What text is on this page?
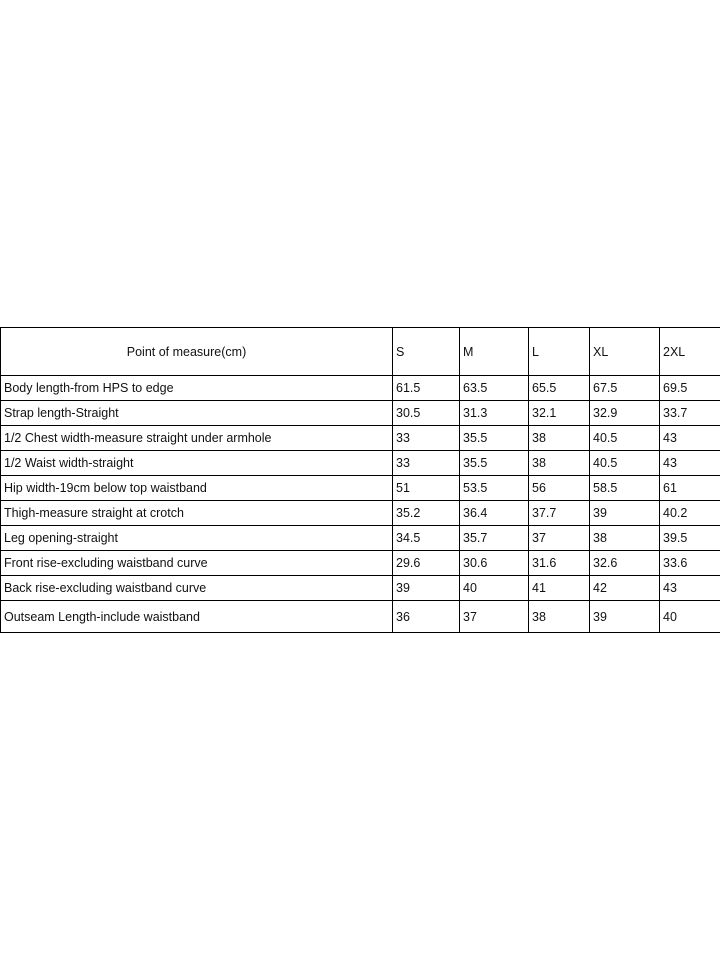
Point of measure(cm)	S	M	L	XL	2XL
Body length-from HPS to edge	61.5	63.5	65.5	67.5	69.5
Strap length-Straight	30.5	31.3	32.1	32.9	33.7
1/2 Chest width-measure straight under armhole	33	35.5	38	40.5	43
1/2 Waist width-straight	33	35.5	38	40.5	43
Hip width-19cm below top waistband	51	53.5	56	58.5	61
Thigh-measure straight at crotch	35.2	36.4	37.7	39	40.2
Leg opening-straight	34.5	35.7	37	38	39.5
Front rise-excluding waistband curve	29.6	30.6	31.6	32.6	33.6
Back rise-excluding waistband curve	39	40	41	42	43
Outseam Length-include waistband	36	37	38	39	40
